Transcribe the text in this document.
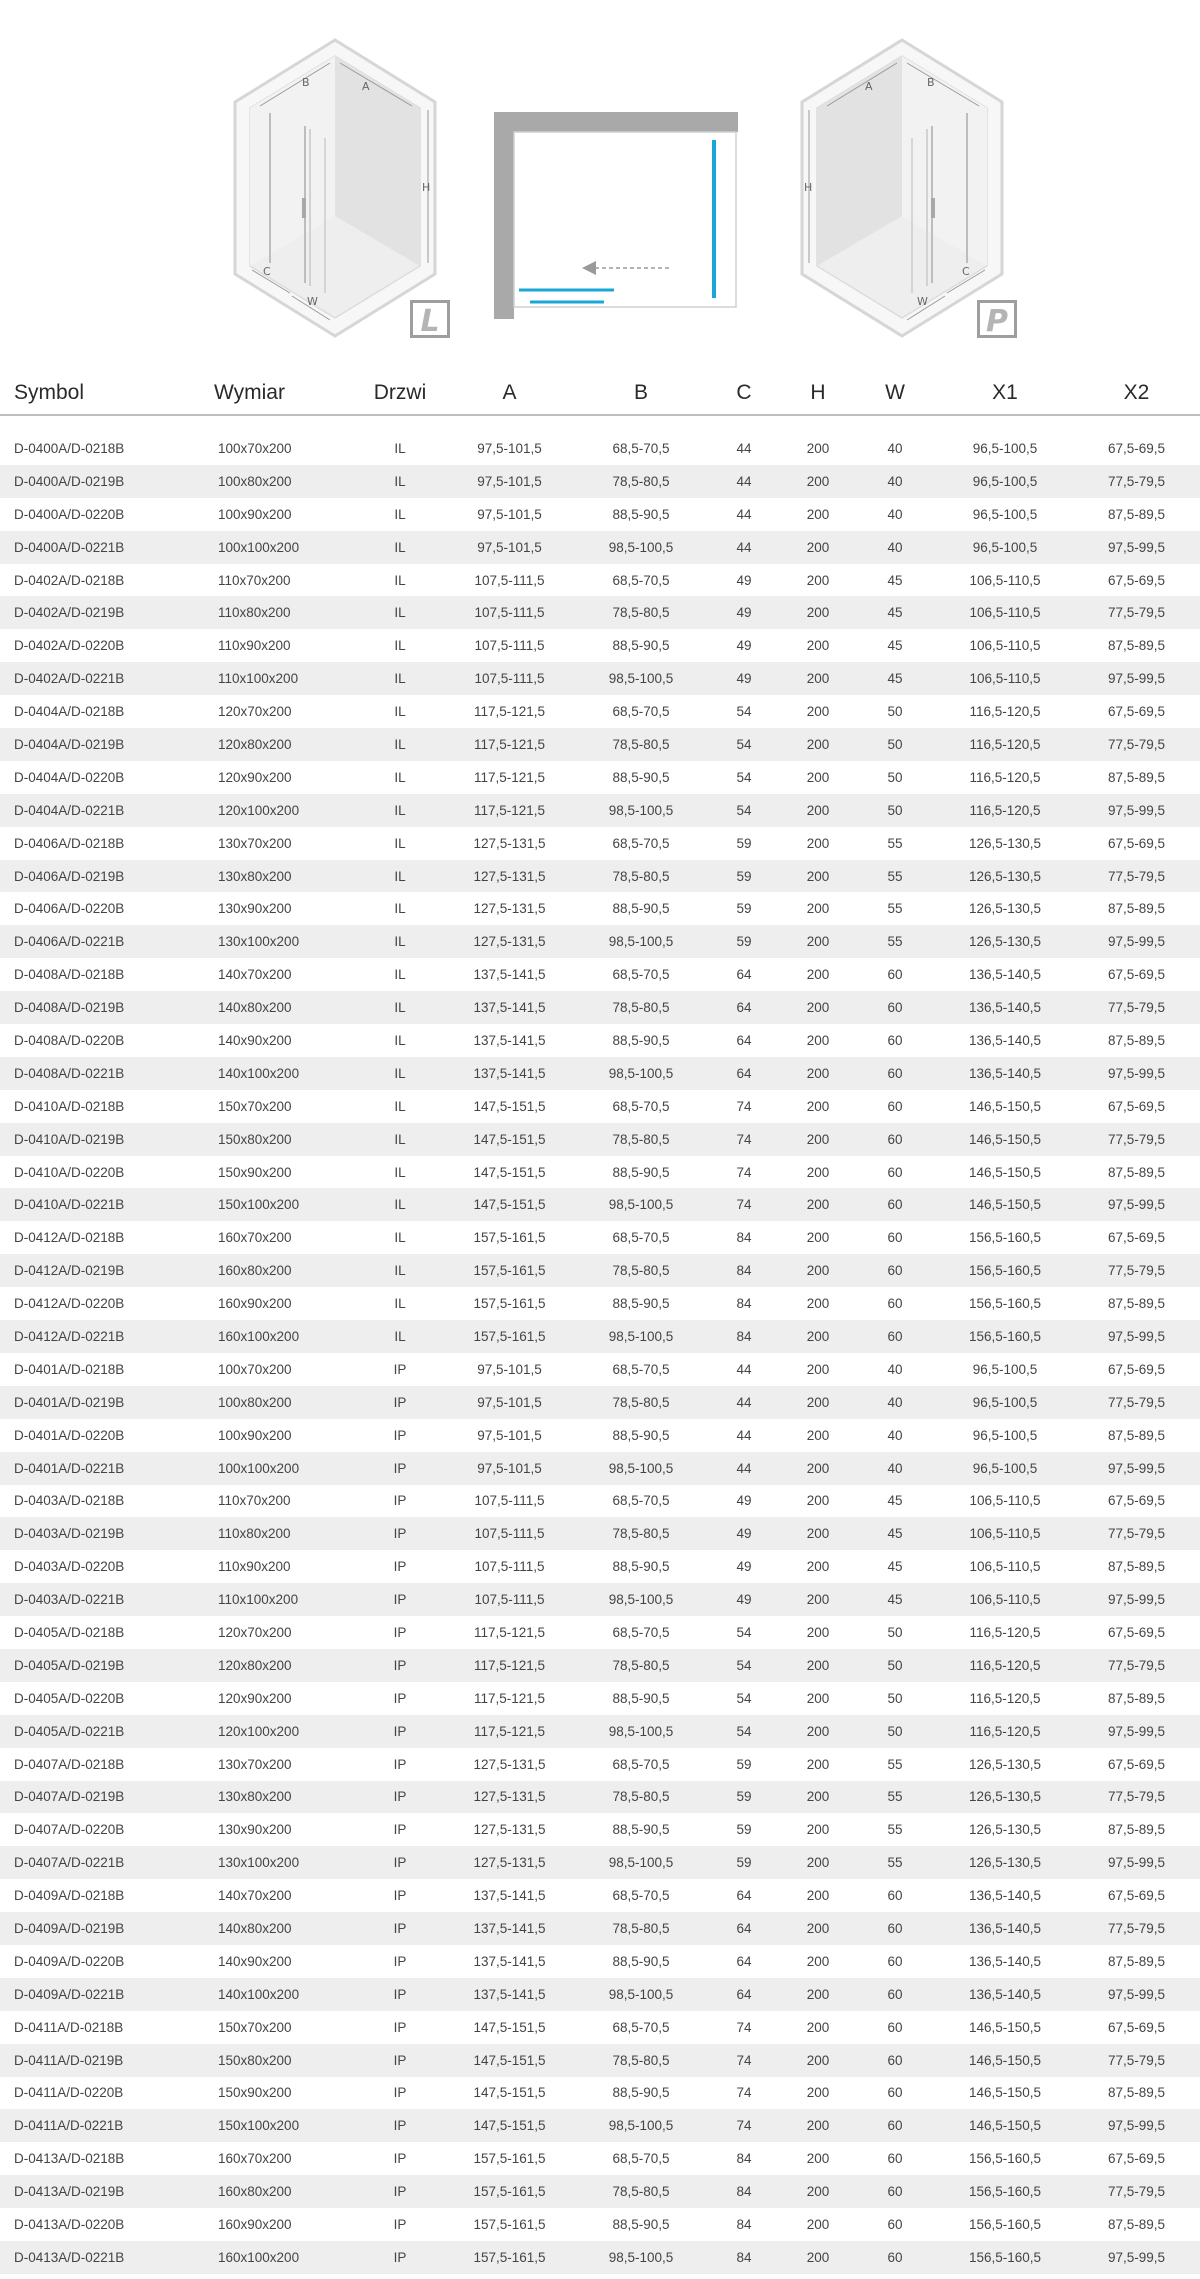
B	A
H
C
W
L
A	B
H
C
W
P
Symbol	Wymiar	Drzwi	A	B	C	H	W	X1	X2

D-0400A/D-0218B	100x70x200	IL	97,5-101,5	68,5-70,5	44	200	40	96,5-100,5	67,5-69,5
D-0400A/D-0219B	100x80x200	IL	97,5-101,5	78,5-80,5	44	200	40	96,5-100,5	77,5-79,5
D-0400A/D-0220B	100x90x200	IL	97,5-101,5	88,5-90,5	44	200	40	96,5-100,5	87,5-89,5
D-0400A/D-0221B	100x100x200	IL	97,5-101,5	98,5-100,5	44	200	40	96,5-100,5	97,5-99,5
D-0402A/D-0218B	110x70x200	IL	107,5-111,5	68,5-70,5	49	200	45	106,5-110,5	67,5-69,5
D-0402A/D-0219B	110x80x200	IL	107,5-111,5	78,5-80,5	49	200	45	106,5-110,5	77,5-79,5
D-0402A/D-0220B	110x90x200	IL	107,5-111,5	88,5-90,5	49	200	45	106,5-110,5	87,5-89,5
D-0402A/D-0221B	110x100x200	IL	107,5-111,5	98,5-100,5	49	200	45	106,5-110,5	97,5-99,5
D-0404A/D-0218B	120x70x200	IL	117,5-121,5	68,5-70,5	54	200	50	116,5-120,5	67,5-69,5
D-0404A/D-0219B	120x80x200	IL	117,5-121,5	78,5-80,5	54	200	50	116,5-120,5	77,5-79,5
D-0404A/D-0220B	120x90x200	IL	117,5-121,5	88,5-90,5	54	200	50	116,5-120,5	87,5-89,5
D-0404A/D-0221B	120x100x200	IL	117,5-121,5	98,5-100,5	54	200	50	116,5-120,5	97,5-99,5
D-0406A/D-0218B	130x70x200	IL	127,5-131,5	68,5-70,5	59	200	55	126,5-130,5	67,5-69,5
D-0406A/D-0219B	130x80x200	IL	127,5-131,5	78,5-80,5	59	200	55	126,5-130,5	77,5-79,5
D-0406A/D-0220B	130x90x200	IL	127,5-131,5	88,5-90,5	59	200	55	126,5-130,5	87,5-89,5
D-0406A/D-0221B	130x100x200	IL	127,5-131,5	98,5-100,5	59	200	55	126,5-130,5	97,5-99,5
D-0408A/D-0218B	140x70x200	IL	137,5-141,5	68,5-70,5	64	200	60	136,5-140,5	67,5-69,5
D-0408A/D-0219B	140x80x200	IL	137,5-141,5	78,5-80,5	64	200	60	136,5-140,5	77,5-79,5
D-0408A/D-0220B	140x90x200	IL	137,5-141,5	88,5-90,5	64	200	60	136,5-140,5	87,5-89,5
D-0408A/D-0221B	140x100x200	IL	137,5-141,5	98,5-100,5	64	200	60	136,5-140,5	97,5-99,5
D-0410A/D-0218B	150x70x200	IL	147,5-151,5	68,5-70,5	74	200	60	146,5-150,5	67,5-69,5
D-0410A/D-0219B	150x80x200	IL	147,5-151,5	78,5-80,5	74	200	60	146,5-150,5	77,5-79,5
D-0410A/D-0220B	150x90x200	IL	147,5-151,5	88,5-90,5	74	200	60	146,5-150,5	87,5-89,5
D-0410A/D-0221B	150x100x200	IL	147,5-151,5	98,5-100,5	74	200	60	146,5-150,5	97,5-99,5
D-0412A/D-0218B	160x70x200	IL	157,5-161,5	68,5-70,5	84	200	60	156,5-160,5	67,5-69,5
D-0412A/D-0219B	160x80x200	IL	157,5-161,5	78,5-80,5	84	200	60	156,5-160,5	77,5-79,5
D-0412A/D-0220B	160x90x200	IL	157,5-161,5	88,5-90,5	84	200	60	156,5-160,5	87,5-89,5
D-0412A/D-0221B	160x100x200	IL	157,5-161,5	98,5-100,5	84	200	60	156,5-160,5	97,5-99,5
D-0401A/D-0218B	100x70x200	IP	97,5-101,5	68,5-70,5	44	200	40	96,5-100,5	67,5-69,5
D-0401A/D-0219B	100x80x200	IP	97,5-101,5	78,5-80,5	44	200	40	96,5-100,5	77,5-79,5
D-0401A/D-0220B	100x90x200	IP	97,5-101,5	88,5-90,5	44	200	40	96,5-100,5	87,5-89,5
D-0401A/D-0221B	100x100x200	IP	97,5-101,5	98,5-100,5	44	200	40	96,5-100,5	97,5-99,5
D-0403A/D-0218B	110x70x200	IP	107,5-111,5	68,5-70,5	49	200	45	106,5-110,5	67,5-69,5
D-0403A/D-0219B	110x80x200	IP	107,5-111,5	78,5-80,5	49	200	45	106,5-110,5	77,5-79,5
D-0403A/D-0220B	110x90x200	IP	107,5-111,5	88,5-90,5	49	200	45	106,5-110,5	87,5-89,5
D-0403A/D-0221B	110x100x200	IP	107,5-111,5	98,5-100,5	49	200	45	106,5-110,5	97,5-99,5
D-0405A/D-0218B	120x70x200	IP	117,5-121,5	68,5-70,5	54	200	50	116,5-120,5	67,5-69,5
D-0405A/D-0219B	120x80x200	IP	117,5-121,5	78,5-80,5	54	200	50	116,5-120,5	77,5-79,5
D-0405A/D-0220B	120x90x200	IP	117,5-121,5	88,5-90,5	54	200	50	116,5-120,5	87,5-89,5
D-0405A/D-0221B	120x100x200	IP	117,5-121,5	98,5-100,5	54	200	50	116,5-120,5	97,5-99,5
D-0407A/D-0218B	130x70x200	IP	127,5-131,5	68,5-70,5	59	200	55	126,5-130,5	67,5-69,5
D-0407A/D-0219B	130x80x200	IP	127,5-131,5	78,5-80,5	59	200	55	126,5-130,5	77,5-79,5
D-0407A/D-0220B	130x90x200	IP	127,5-131,5	88,5-90,5	59	200	55	126,5-130,5	87,5-89,5
D-0407A/D-0221B	130x100x200	IP	127,5-131,5	98,5-100,5	59	200	55	126,5-130,5	97,5-99,5
D-0409A/D-0218B	140x70x200	IP	137,5-141,5	68,5-70,5	64	200	60	136,5-140,5	67,5-69,5
D-0409A/D-0219B	140x80x200	IP	137,5-141,5	78,5-80,5	64	200	60	136,5-140,5	77,5-79,5
D-0409A/D-0220B	140x90x200	IP	137,5-141,5	88,5-90,5	64	200	60	136,5-140,5	87,5-89,5
D-0409A/D-0221B	140x100x200	IP	137,5-141,5	98,5-100,5	64	200	60	136,5-140,5	97,5-99,5
D-0411A/D-0218B	150x70x200	IP	147,5-151,5	68,5-70,5	74	200	60	146,5-150,5	67,5-69,5
D-0411A/D-0219B	150x80x200	IP	147,5-151,5	78,5-80,5	74	200	60	146,5-150,5	77,5-79,5
D-0411A/D-0220B	150x90x200	IP	147,5-151,5	88,5-90,5	74	200	60	146,5-150,5	87,5-89,5
D-0411A/D-0221B	150x100x200	IP	147,5-151,5	98,5-100,5	74	200	60	146,5-150,5	97,5-99,5
D-0413A/D-0218B	160x70x200	IP	157,5-161,5	68,5-70,5	84	200	60	156,5-160,5	67,5-69,5
D-0413A/D-0219B	160x80x200	IP	157,5-161,5	78,5-80,5	84	200	60	156,5-160,5	77,5-79,5
D-0413A/D-0220B	160x90x200	IP	157,5-161,5	88,5-90,5	84	200	60	156,5-160,5	87,5-89,5
D-0413A/D-0221B	160x100x200	IP	157,5-161,5	98,5-100,5	84	200	60	156,5-160,5	97,5-99,5
